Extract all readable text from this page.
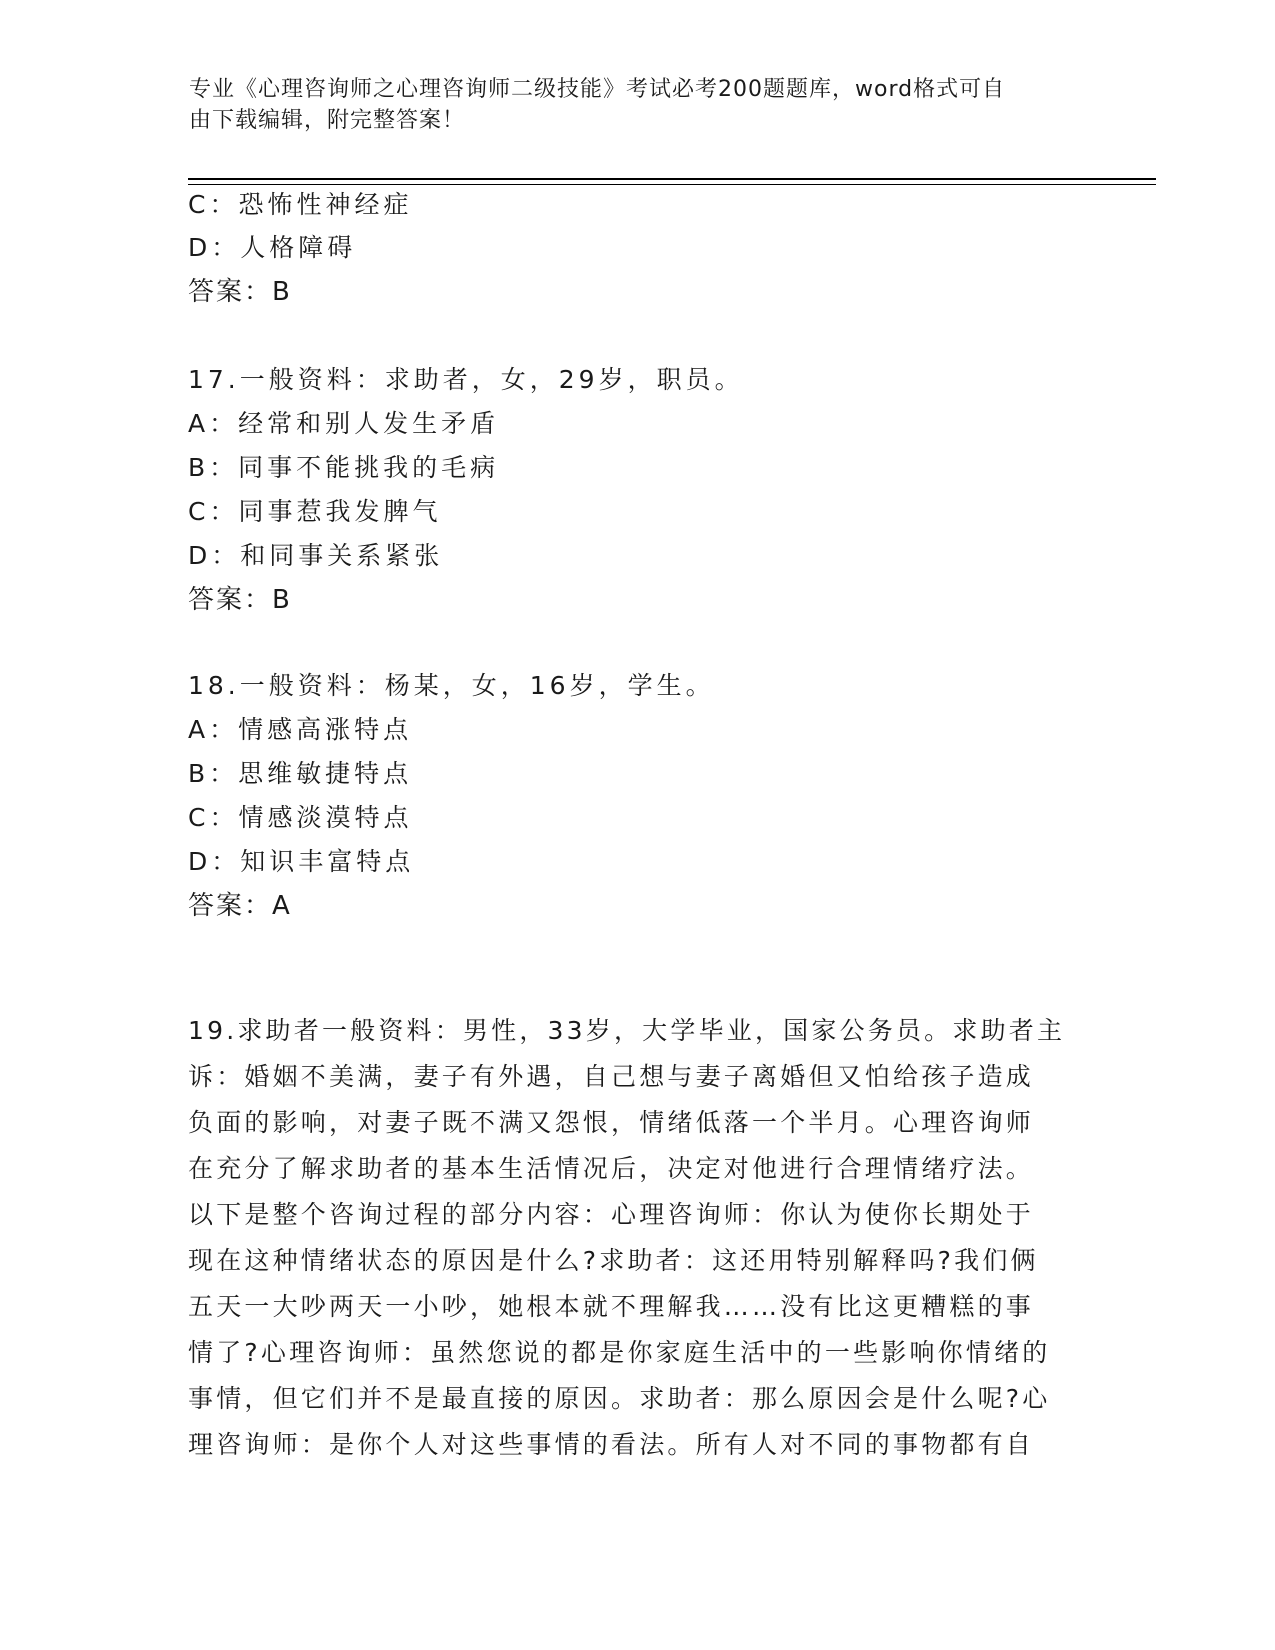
专业《心理咨询师之心理咨询师二级技能》考试必考200题题库，word格式可自
由下载编辑，附完整答案！
C：恐怖性神经症
D：人格障碍
答案：B
17.一般资料：求助者，女，29岁，职员。
A：经常和别人发生矛盾
B：同事不能挑我的毛病
C：同事惹我发脾气
D：和同事关系紧张
答案：B
18.一般资料：杨某，女，16岁，学生。
A：情感高涨特点
B：思维敏捷特点
C：情感淡漠特点
D：知识丰富特点
答案：A
19.求助者一般资料：男性，33岁，大学毕业，国家公务员。求助者主
诉：婚姻不美满，妻子有外遇，自己想与妻子离婚但又怕给孩子造成
负面的影响，对妻子既不满又怨恨，情绪低落一个半月。心理咨询师
在充分了解求助者的基本生活情况后，决定对他进行合理情绪疗法。
以下是整个咨询过程的部分内容：心理咨询师：你认为使你长期处于
现在这种情绪状态的原因是什么?求助者：这还用特别解释吗?我们俩
五天一大吵两天一小吵，她根本就不理解我……没有比这更糟糕的事
情了?心理咨询师：虽然您说的都是你家庭生活中的一些影响你情绪的
事情，但它们并不是最直接的原因。求助者：那么原因会是什么呢?心
理咨询师：是你个人对这些事情的看法。所有人对不同的事物都有自
